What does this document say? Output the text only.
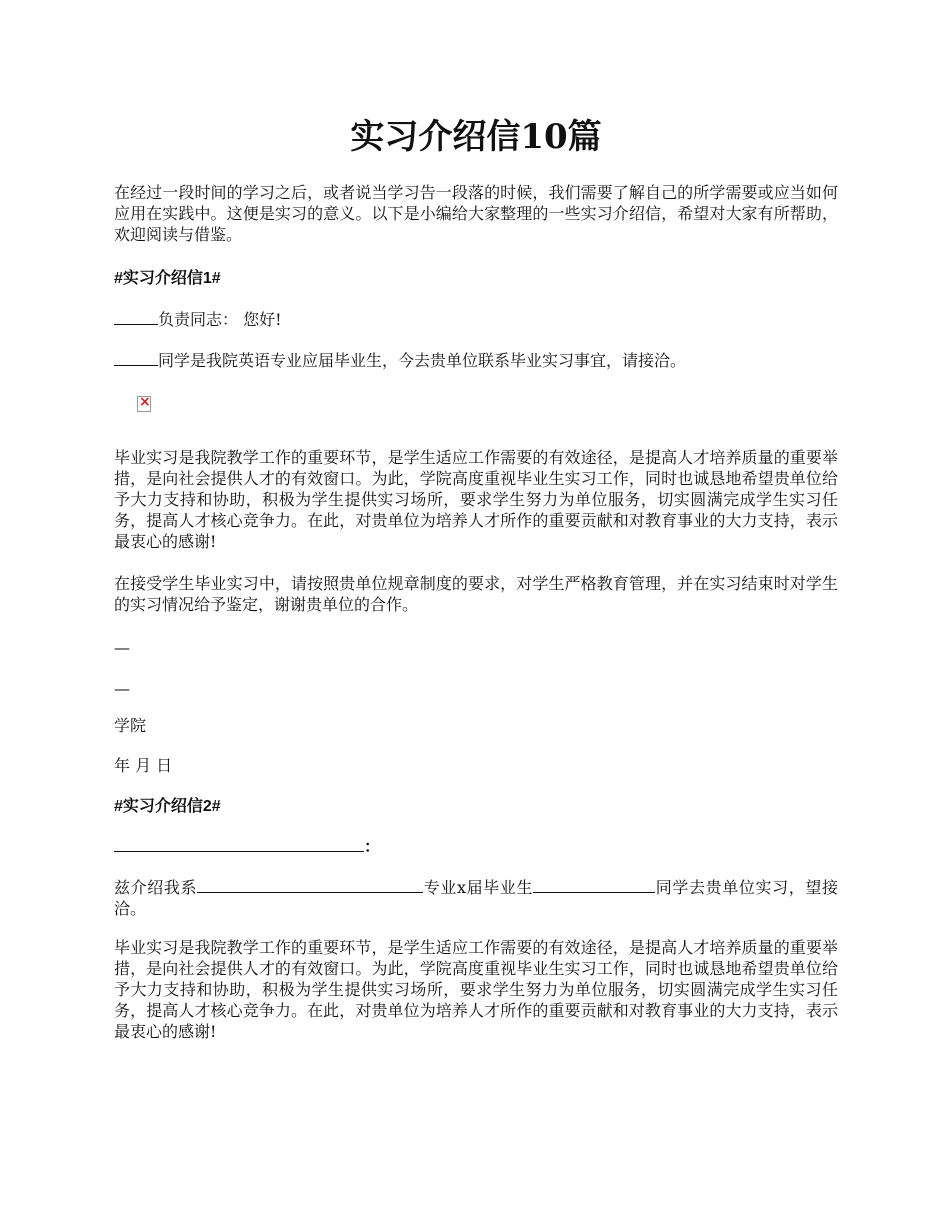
实习介绍信10篇

在经过一段时间的学习之后，或者说当学习告一段落的时候，我们需要了解自己的所学需要或应当如何应用在实践中。这便是实习的意义。以下是小编给大家整理的一些实习介绍信，希望对大家有所帮助，欢迎阅读与借鉴。

#实习介绍信1#

负责同志： 您好!

同学是我院英语专业应届毕业生，今去贵单位联系毕业实习事宜，请接洽。

×

毕业实习是我院教学工作的重要环节，是学生适应工作需要的有效途径，是提高人才培养质量的重要举措，是向社会提供人才的有效窗口。为此，学院高度重视毕业生实习工作，同时也诚恳地希望贵单位给予大力支持和协助，积极为学生提供实习场所，要求学生努力为单位服务，切实圆满完成学生实习任务，提高人才核心竞争力。在此，对贵单位为培养人才所作的重要贡献和对教育事业的大力支持，表示最衷心的感谢!

在接受学生毕业实习中，请按照贵单位规章制度的要求，对学生严格教育管理，并在实习结束时对学生的实习情况给予鉴定，谢谢贵单位的合作。

—

—

学院

年 月 日

#实习介绍信2#

：

兹介绍我系	专业x届毕业生	同学去贵单位实习，望接洽。

毕业实习是我院教学工作的重要环节，是学生适应工作需要的有效途径，是提高人才培养质量的重要举措，是向社会提供人才的有效窗口。为此，学院高度重视毕业生实习工作，同时也诚恳地希望贵单位给予大力支持和协助，积极为学生提供实习场所，要求学生努力为单位服务，切实圆满完成学生实习任务，提高人才核心竞争力。在此，对贵单位为培养人才所作的重要贡献和对教育事业的大力支持，表示最衷心的感谢!
